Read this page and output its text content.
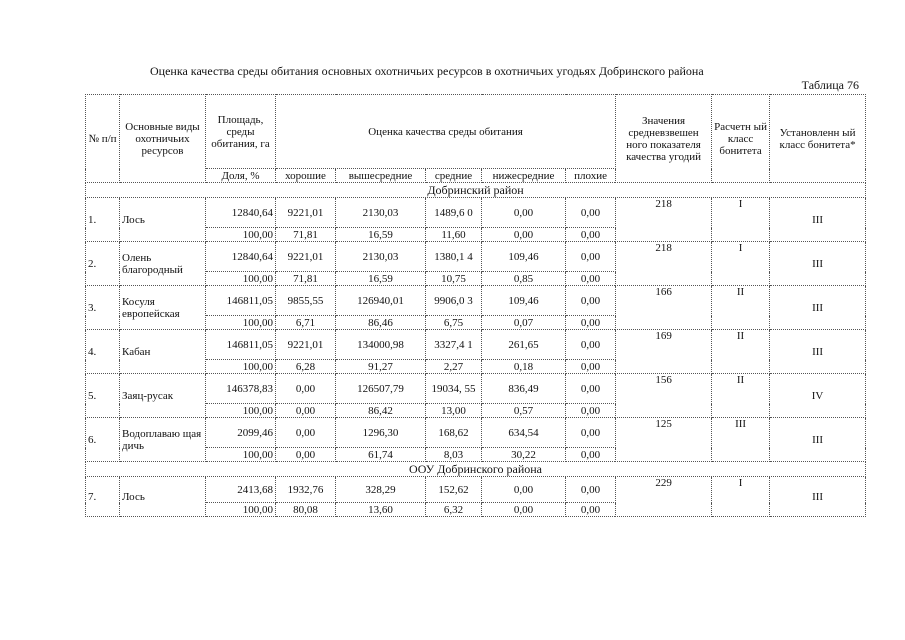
Оценка качества среды обитания основных охотничьих ресурсов в охотничьих угодьях Добринского района
Таблица 76
№ п/п	Основные виды охотничьих ресурсов	Площадь, среды обитания, га	Оценка качества среды обитания					Значения средневзвешен ного показателя качества угодий	Расчетн ый класс бонитета	Установленн ый класс бонитета*
		Доля, %	хорошие	вышесредние	средние	нижесредние	плохие			
Добринский район										
1.	Лось	12840,64	9221,01	2130,03	1489,6 0	0,00	0,00	218	I	III
		100,00	71,81	16,59	11,60	0,00	0,00			
2.	Олень благородный	12840,64	9221,01	2130,03	1380,1 4	109,46	0,00	218	I	III
		100,00	71,81	16,59	10,75	0,85	0,00			
3.	Косуля европейская	146811,05	9855,55	126940,01	9906,0 3	109,46	0,00	166	II	III
		100,00	6,71	86,46	6,75	0,07	0,00			
4.	Кабан	146811,05	9221,01	134000,98	3327,4 1	261,65	0,00	169	II	III
		100,00	6,28	91,27	2,27	0,18	0,00			
5.	Заяц-русак	146378,83	0,00	126507,79	19034, 55	836,49	0,00	156	II	IV
		100,00	0,00	86,42	13,00	0,57	0,00			
6.	Водоплаваю щая дичь	2099,46	0,00	1296,30	168,62	634,54	0,00	125	III	III
		100,00	0,00	61,74	8,03	30,22	0,00			
ООУ Добринского района										
7.	Лось	2413,68	1932,76	328,29	152,62	0,00	0,00	229	I	III
		100,00	80,08	13,60	6,32	0,00	0,00			
